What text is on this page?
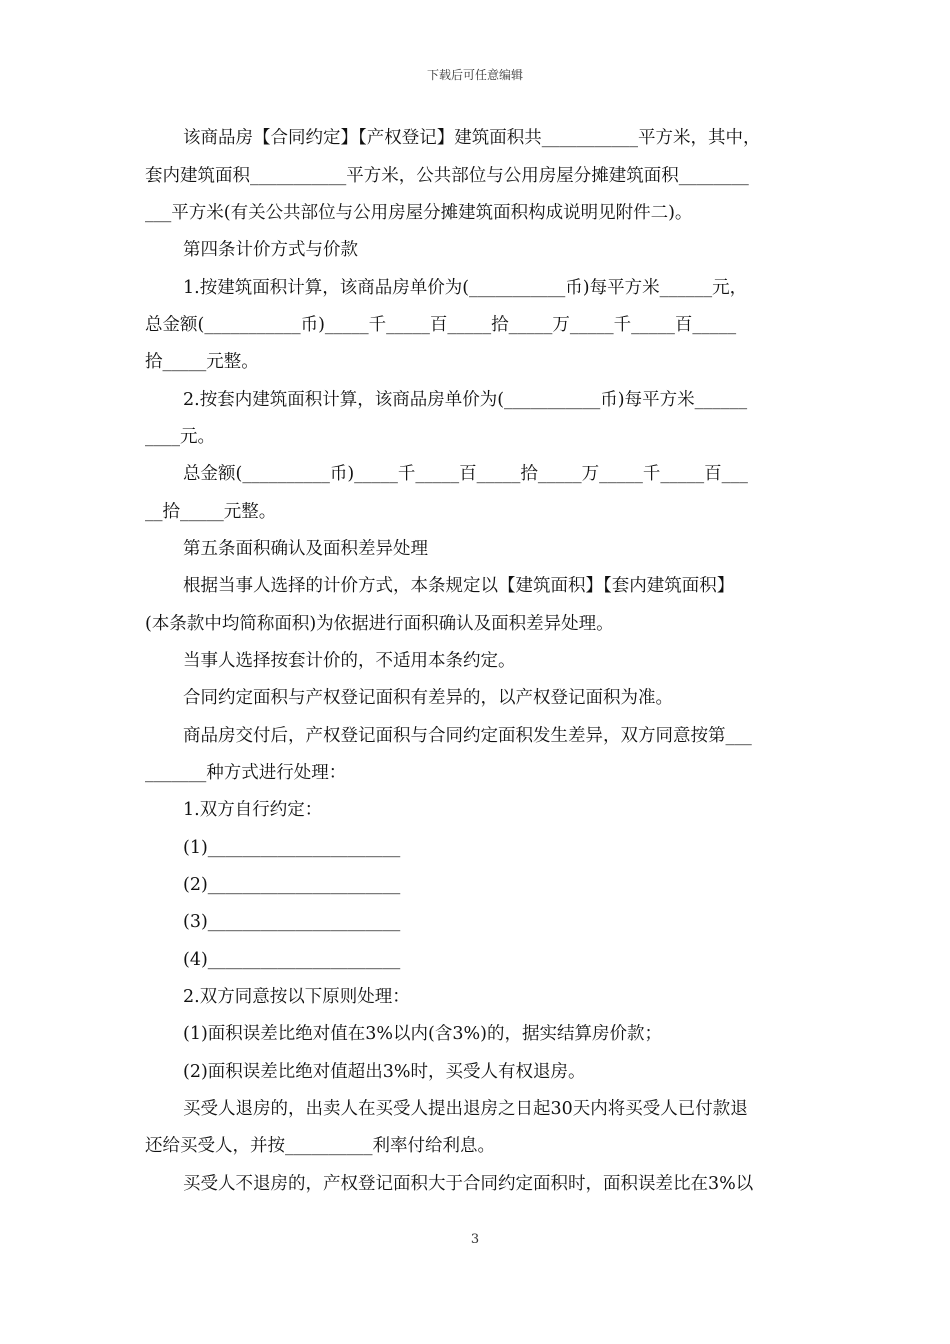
下载后可任意编辑
该商品房【合同约定】【产权登记】建筑面积共___________平方米，其中，
套内建筑面积___________平方米，公共部位与公用房屋分摊建筑面积________
___平方米(有关公共部位与公用房屋分摊建筑面积构成说明见附件二)。
第四条计价方式与价款
1.按建筑面积计算，该商品房单价为(___________币)每平方米______元，
总金额(___________币)_____千_____百_____拾_____万_____千_____百_____
拾_____元整。
2.按套内建筑面积计算，该商品房单价为(___________币)每平方米______
____元。
总金额(__________币)_____千_____百_____拾_____万_____千_____百___
__拾_____元整。
第五条面积确认及面积差异处理
根据当事人选择的计价方式，本条规定以【建筑面积】【套内建筑面积】
(本条款中均简称面积)为依据进行面积确认及面积差异处理。
当事人选择按套计价的，不适用本条约定。
合同约定面积与产权登记面积有差异的，以产权登记面积为准。
商品房交付后，产权登记面积与合同约定面积发生差异，双方同意按第___
_______种方式进行处理：
1.双方自行约定：
(1)______________________
(2)______________________
(3)______________________
(4)______________________
2.双方同意按以下原则处理：
(1)面积误差比绝对值在3%以内(含3%)的，据实结算房价款；
(2)面积误差比绝对值超出3%时，买受人有权退房。
买受人退房的，出卖人在买受人提出退房之日起30天内将买受人已付款退
还给买受人，并按__________利率付给利息。
买受人不退房的，产权登记面积大于合同约定面积时，面积误差比在3%以
3
